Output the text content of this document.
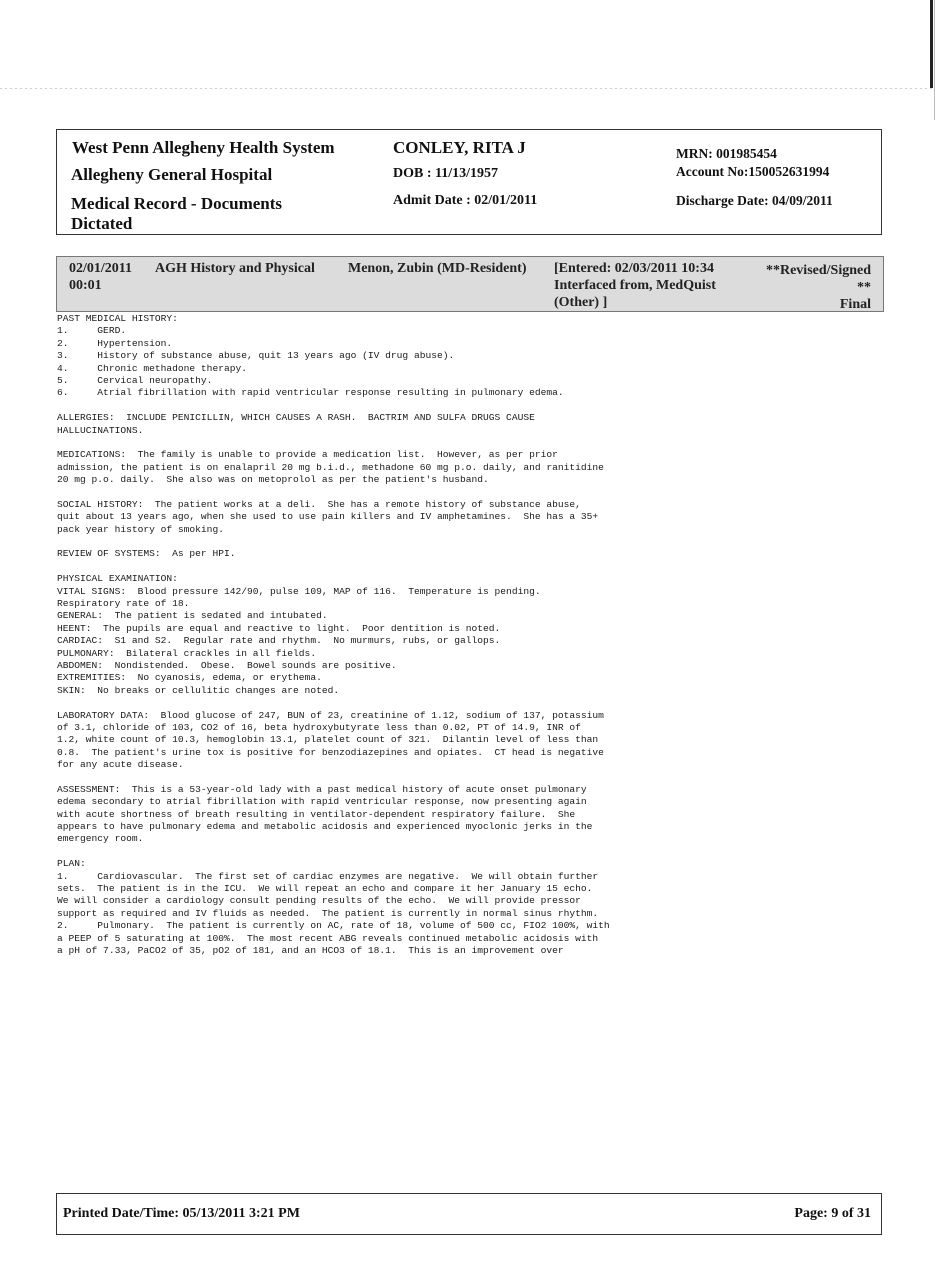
West Penn Allegheny Health System
Allegheny General Hospital
Medical Record - Documents
Dictated
CONLEY, RITA J
DOB : 11/13/1957
Admit Date : 02/01/2011
MRN: 001985454
Account No:150052631994
Discharge Date: 04/09/2011
02/01/2011
00:01
AGH History and Physical Menon, Zubin (MD-Resident) [Entered: 02/03/2011 10:34
Interfaced from, MedQuist
(Other) ]
**Revised/Signed
**
Final
PAST MEDICAL HISTORY:
1.     GERD.
2.     Hypertension.
3.     History of substance abuse, quit 13 years ago (IV drug abuse).
4.     Chronic methadone therapy.
5.     Cervical neuropathy.
6.     Atrial fibrillation with rapid ventricular response resulting in pulmonary edema.
ALLERGIES:  INCLUDE PENICILLIN, WHICH CAUSES A RASH.  BACTRIM AND SULFA DRUGS CAUSE
HALLUCINATIONS.
MEDICATIONS:  The family is unable to provide a medication list.  However, as per prior
admission, the patient is on enalapril 20 mg b.i.d., methadone 60 mg p.o. daily, and ranitidine
20 mg p.o. daily.  She also was on metoprolol as per the patient's husband.
SOCIAL HISTORY:  The patient works at a deli.  She has a remote history of substance abuse,
quit about 13 years ago, when she used to use pain killers and IV amphetamines.  She has a 35+
pack year history of smoking.
REVIEW OF SYSTEMS:  As per HPI.
PHYSICAL EXAMINATION:
VITAL SIGNS:  Blood pressure 142/90, pulse 109, MAP of 116.  Temperature is pending.
Respiratory rate of 18.
GENERAL:  The patient is sedated and intubated.
HEENT:  The pupils are equal and reactive to light.  Poor dentition is noted.
CARDIAC:  S1 and S2.  Regular rate and rhythm.  No murmurs, rubs, or gallops.
PULMONARY:  Bilateral crackles in all fields.
ABDOMEN:  Nondistended.  Obese.  Bowel sounds are positive.
EXTREMITIES:  No cyanosis, edema, or erythema.
SKIN:  No breaks or cellulitic changes are noted.
LABORATORY DATA:  Blood glucose of 247, BUN of 23, creatinine of 1.12, sodium of 137, potassium
of 3.1, chloride of 103, CO2 of 16, beta hydroxybutyrate less than 0.02, PT of 14.9, INR of
1.2, white count of 10.3, hemoglobin 13.1, platelet count of 321.  Dilantin level of less than
0.8.  The patient's urine tox is positive for benzodiazepines and opiates.  CT head is negative
for any acute disease.
ASSESSMENT:  This is a 53-year-old lady with a past medical history of acute onset pulmonary
edema secondary to atrial fibrillation with rapid ventricular response, now presenting again
with acute shortness of breath resulting in ventilator-dependent respiratory failure.  She
appears to have pulmonary edema and metabolic acidosis and experienced myoclonic jerks in the
emergency room.
PLAN:
1.     Cardiovascular.  The first set of cardiac enzymes are negative.  We will obtain further
sets.  The patient is in the ICU.  We will repeat an echo and compare it her January 15 echo.
We will consider a cardiology consult pending results of the echo.  We will provide pressor
support as required and IV fluids as needed.  The patient is currently in normal sinus rhythm.
2.     Pulmonary.  The patient is currently on AC, rate of 18, volume of 500 cc, FIO2 100%, with
a PEEP of 5 saturating at 100%.  The most recent ABG reveals continued metabolic acidosis with
a pH of 7.33, PaCO2 of 35, pO2 of 181, and an HCO3 of 18.1.  This is an improvement over
Printed Date/Time: 05/13/2011 3:21 PM	Page: 9 of 31
